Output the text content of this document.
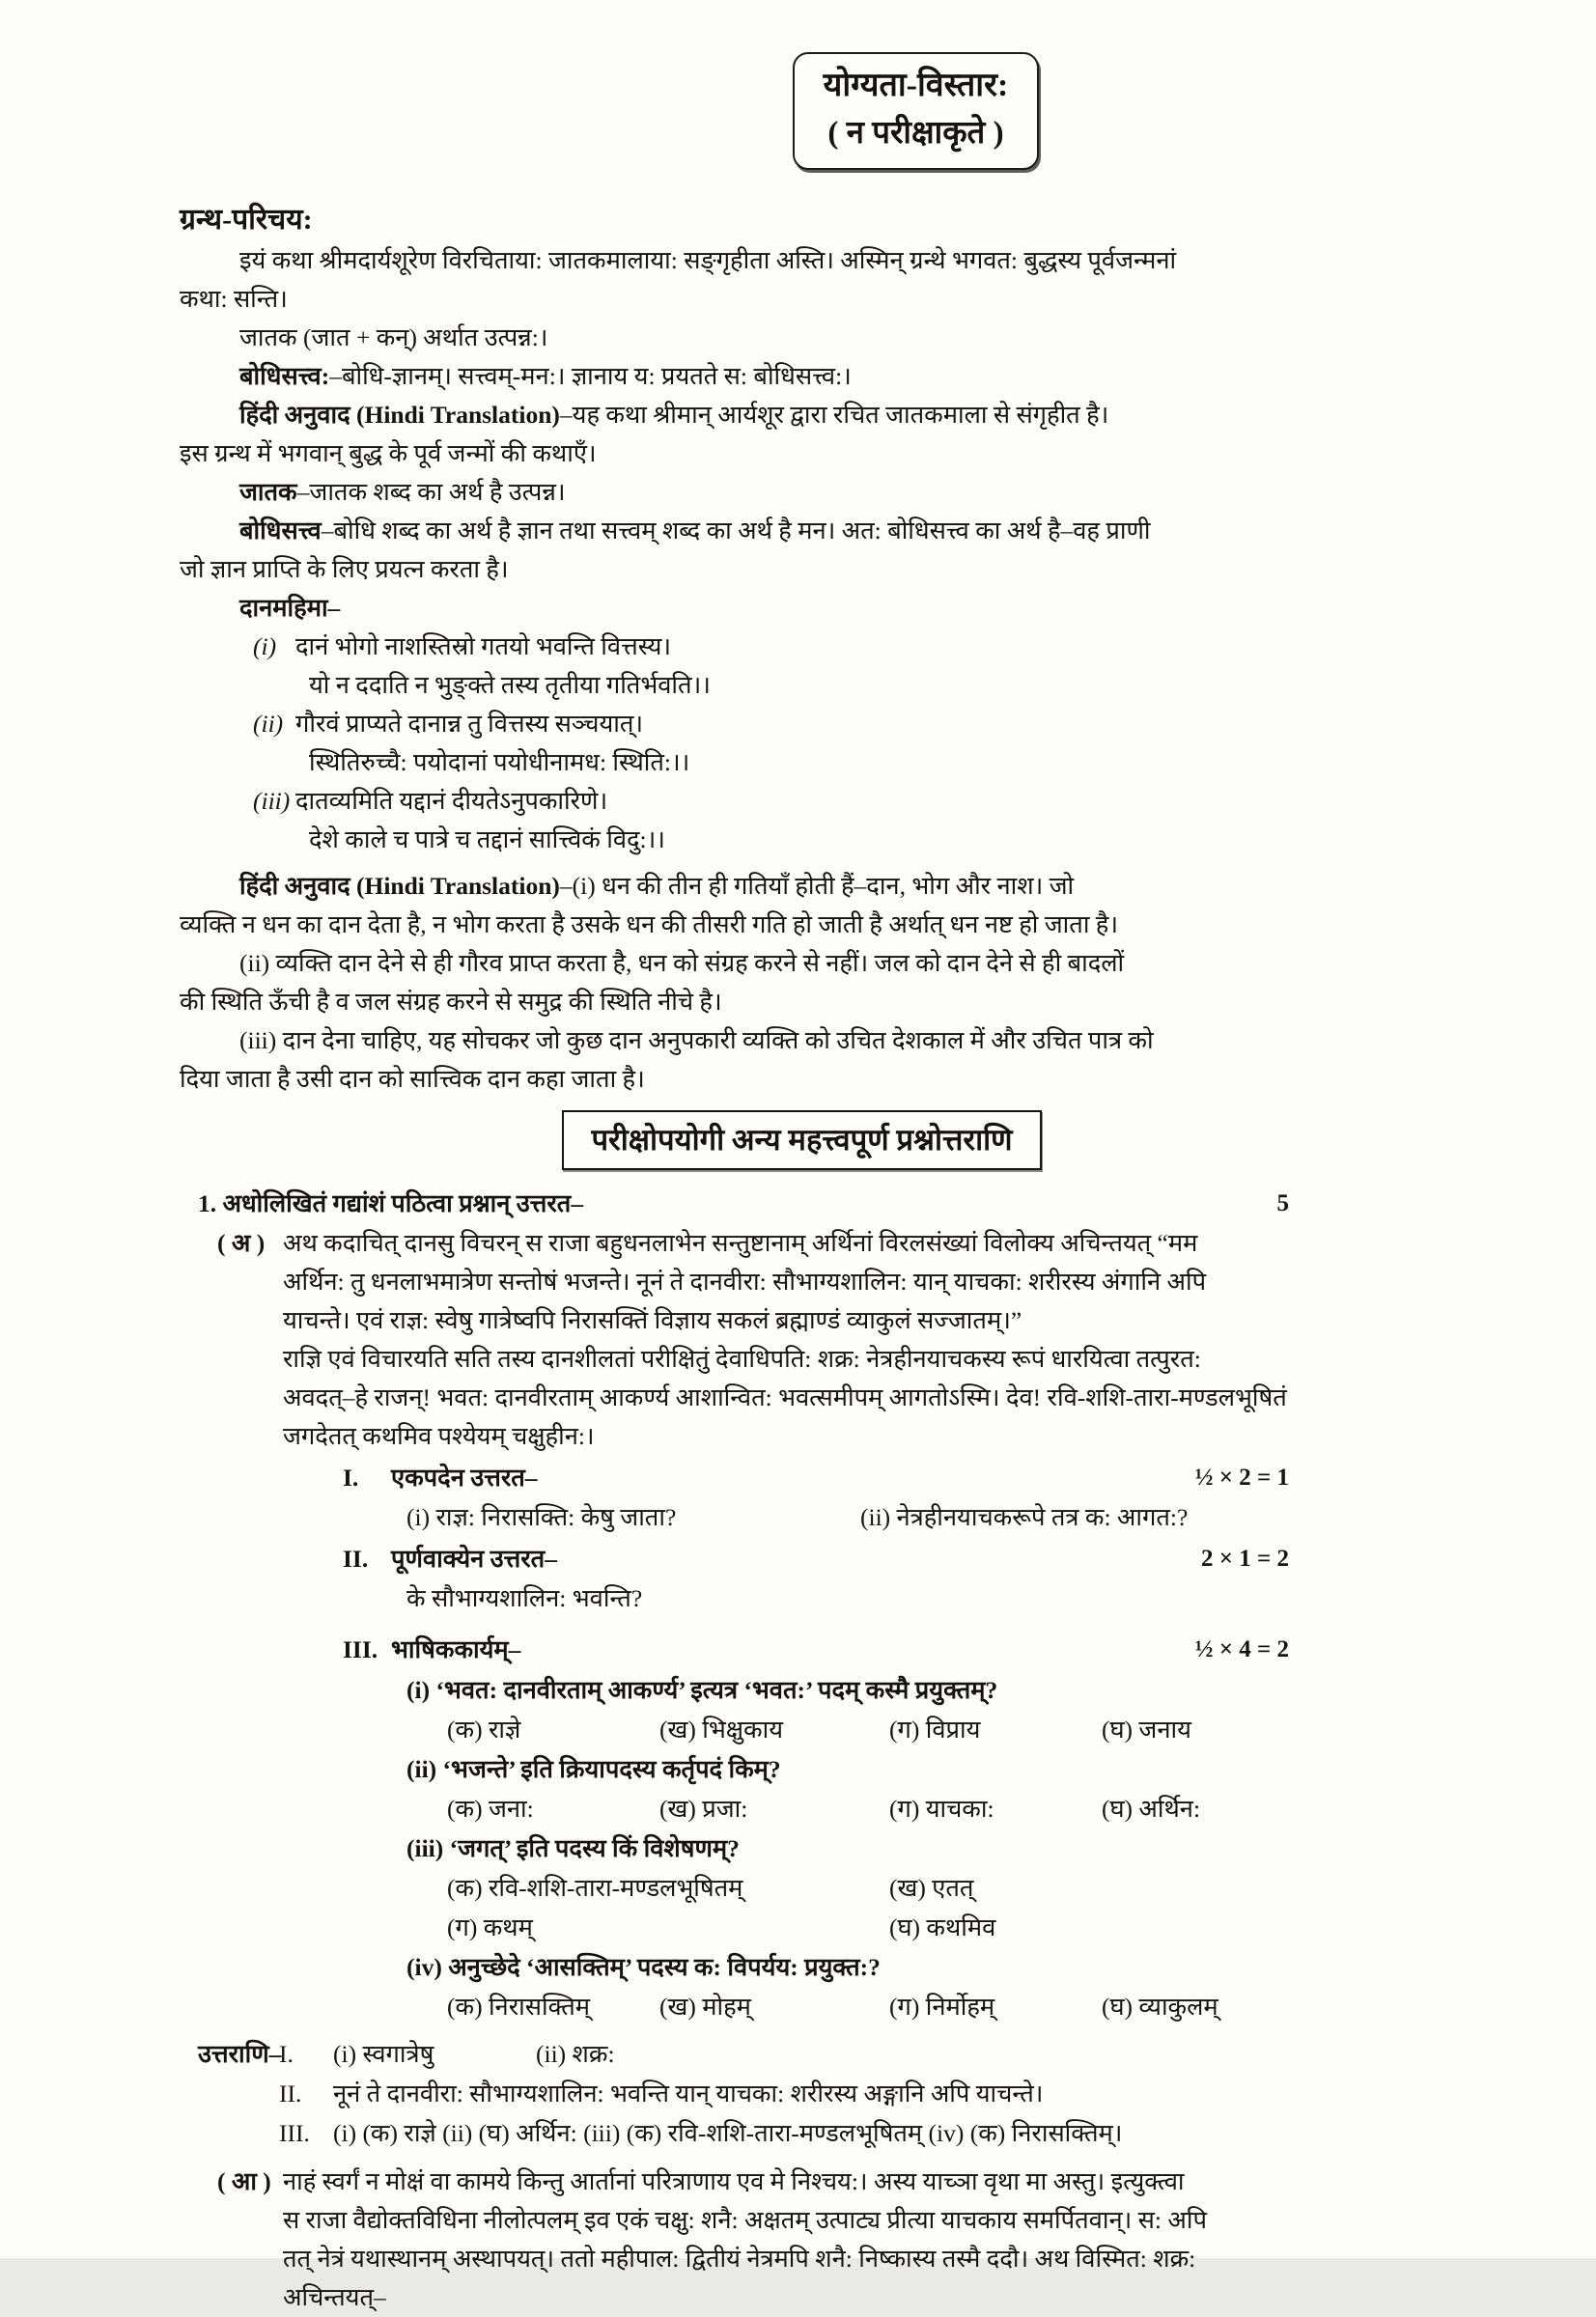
योग्यता-विस्तार:
( न परीक्षाकृते )
ग्रन्थ-परिचय:
इयं कथा श्रीमदार्यशूरेण विरचिताया: जातकमालाया: सङ्गृहीता अस्ति। अस्मिन् ग्रन्थे भगवत: बुद्धस्य पूर्वजन्मनां
कथा: सन्ति।
जातक (जात + कन्) अर्थात उत्पन्न:।
बोधिसत्त्व:–बोधि-ज्ञानम्। सत्त्वम्-मन:। ज्ञानाय य: प्रयतते स: बोधिसत्त्व:।
हिंदी अनुवाद (Hindi Translation)–यह कथा श्रीमान् आर्यशूर द्वारा रचित जातकमाला से संगृहीत है।
इस ग्रन्थ में भगवान् बुद्ध के पूर्व जन्मों की कथाएँ।
जातक–जातक शब्द का अर्थ है उत्पन्न।
बोधिसत्त्व–बोधि शब्द का अर्थ है ज्ञान तथा सत्त्वम् शब्द का अर्थ है मन। अत: बोधिसत्त्व का अर्थ है–वह प्राणी
जो ज्ञान प्राप्ति के लिए प्रयत्न करता है।
दानमहिमा–
(i) दानं भोगो नाशस्तिस्रो गतयो भवन्ति वित्तस्य।
यो न ददाति न भुङ्क्ते तस्य तृतीया गतिर्भवति।।
(ii) गौरवं प्राप्यते दानान्न तु वित्तस्य सञ्चयात्।
स्थितिरुच्चै: पयोदानां पयोधीनामध: स्थिति:।।
(iii) दातव्यमिति यद्दानं दीयतेऽनुपकारिणे।
देशे काले च पात्रे च तद्दानं सात्त्विकं विदु:।।
हिंदी अनुवाद (Hindi Translation)–(i) धन की तीन ही गतियाँ होती हैं–दान, भोग और नाश। जो
व्यक्ति न धन का दान देता है, न भोग करता है उसके धन की तीसरी गति हो जाती है अर्थात् धन नष्ट हो जाता है।
(ii) व्यक्ति दान देने से ही गौरव प्राप्त करता है, धन को संग्रह करने से नहीं। जल को दान देने से ही बादलों
की स्थिति ऊँची है व जल संग्रह करने से समुद्र की स्थिति नीचे है।
(iii) दान देना चाहिए, यह सोचकर जो कुछ दान अनुपकारी व्यक्ति को उचित देशकाल में और उचित पात्र को
दिया जाता है उसी दान को सात्त्विक दान कहा जाता है।
परीक्षोपयोगी अन्य महत्त्वपूर्ण प्रश्नोत्तराणि
1. अधोलिखितं गद्यांशं पठित्वा प्रश्नान् उत्तरत–	5
( अ ) अथ कदाचित् दानसु विचरन् स राजा बहुधनलाभेन सन्तुष्टानाम् अर्थिनां विरलसंख्यां विलोक्य अचिन्तयत् “मम
अर्थिन: तु धनलाभमात्रेण सन्तोषं भजन्ते। नूनं ते दानवीरा: सौभाग्यशालिन: यान् याचका: शरीरस्य अंगानि अपि
याचन्ते। एवं राज्ञ: स्वेषु गात्रेष्वपि निरासक्तिं विज्ञाय सकलं ब्रह्माण्डं व्याकुलं सज्जातम्।”
राज्ञि एवं विचारयति सति तस्य दानशीलतां परीक्षितुं देवाधिपति: शक्र: नेत्रहीनयाचकस्य रूपं धारयित्वा तत्पुरत:
अवदत्–हे राजन्! भवत: दानवीरताम् आकर्ण्य आशान्वित: भवत्समीपम् आगतोऽस्मि। देव! रवि-शशि-तारा-मण्डलभूषितं
जगदेतत् कथमिव पश्येयम् चक्षुहीन:।
I.	एकपदेन उत्तरत–	½ × 2 = 1
(i) राज्ञ: निरासक्ति: केषु जाता?	(ii) नेत्रहीनयाचकरूपे तत्र क: आगत:?
II. पूर्णवाक्येन उत्तरत–	2 × 1 = 2
के सौभाग्यशालिन: भवन्ति?
III. भाषिककार्यम्–	½ × 4 = 2
(i) ‘भवत: दानवीरताम् आकर्ण्य’ इत्यत्र ‘भवत:’ पदम् कस्मै प्रयुक्तम्?
(क) राज्ञे	(ख) भिक्षुकाय	(ग) विप्राय	(घ) जनाय
(ii) ‘भजन्ते’ इति क्रियापदस्य कर्तृपदं किम्?
(क) जना:	(ख) प्रजा:	(ग) याचका:	(घ) अर्थिन:
(iii) ‘जगत्’ इति पदस्य किं विशेषणम्?
(क) रवि-शशि-तारा-मण्डलभूषितम्	(ख) एतत्
(ग) कथम्	(घ) कथमिव
(iv) अनुच्छेदे ‘आसक्तिम्’ पदस्य क: विपर्यय: प्रयुक्त:?
(क) निरासक्तिम्	(ख) मोहम्	(ग) निर्मोहम्	(घ) व्याकुलम्
उत्तराणि–
I.	(i) स्वगात्रेषु	(ii) शक्र:
II.	नूनं ते दानवीरा: सौभाग्यशालिन: भवन्ति यान् याचका: शरीरस्य अङ्गानि अपि याचन्ते।
III. (i) (क) राज्ञे (ii) (घ) अर्थिन: (iii) (क) रवि-शशि-तारा-मण्डलभूषितम् (iv) (क) निरासक्तिम्।
( आ ) नाहं स्वर्गं न मोक्षं वा कामये किन्तु आर्तानां परित्राणाय एव मे निश्चय:। अस्य याच्ञा वृथा मा अस्तु। इत्युक्त्वा
स राजा वैद्योक्तविधिना नीलोत्पलम् इव एकं चक्षु: शनै: अक्षतम् उत्पाट्य प्रीत्या याचकाय समर्पितवान्। स: अपि
तत् नेत्रं यथास्थानम् अस्थापयत्। ततो महीपाल: द्वितीयं नेत्रमपि शनै: निष्कास्य तस्मै ददौ। अथ विस्मित: शक्र:
अचिन्तयत्–
